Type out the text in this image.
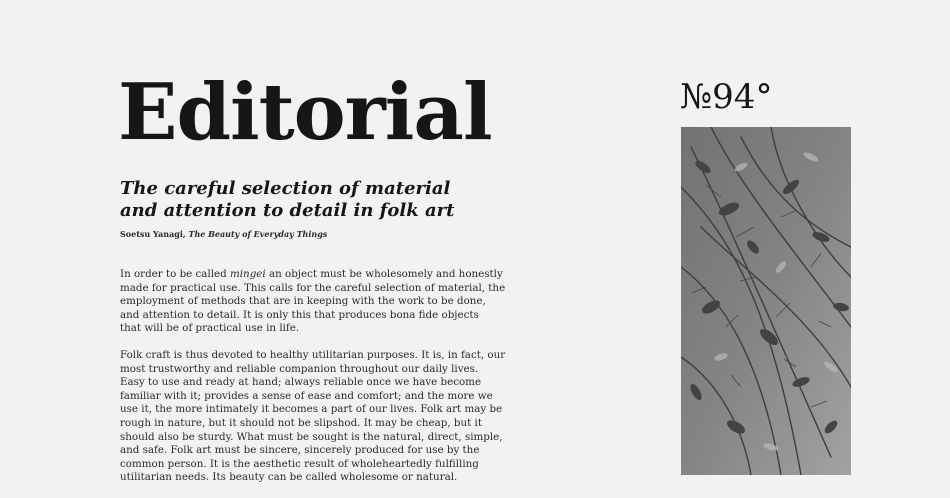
Editorial
The careful selection of material
and attention to detail in folk art
Soetsu Yanagi, The Beauty of Everyday Things

In order to be called mingei an object must be wholesomely and honestly
made for practical use. This calls for the careful selection of material, the
employment of methods that are in keeping with the work to be done,
and attention to detail. It is only this that produces bona fide objects
that will be of practical use in life.

Folk craft is thus devoted to healthy utilitarian purposes. It is, in fact, our
most trustworthy and reliable companion throughout our daily lives.
Easy to use and ready at hand; always reliable once we have become
familiar with it; provides a sense of ease and comfort; and the more we
use it, the more intimately it becomes a part of our lives. Folk art may be
rough in nature, but it should not be slipshod. It may be cheap, but it
should also be sturdy. What must be sought is the natural, direct, simple,
and safe. Folk art must be sincere, sincerely produced for use by the
common person. It is the aesthetic result of wholeheartedly fulfilling
utilitarian needs. Its beauty can be called wholesome or natural.

№94°
